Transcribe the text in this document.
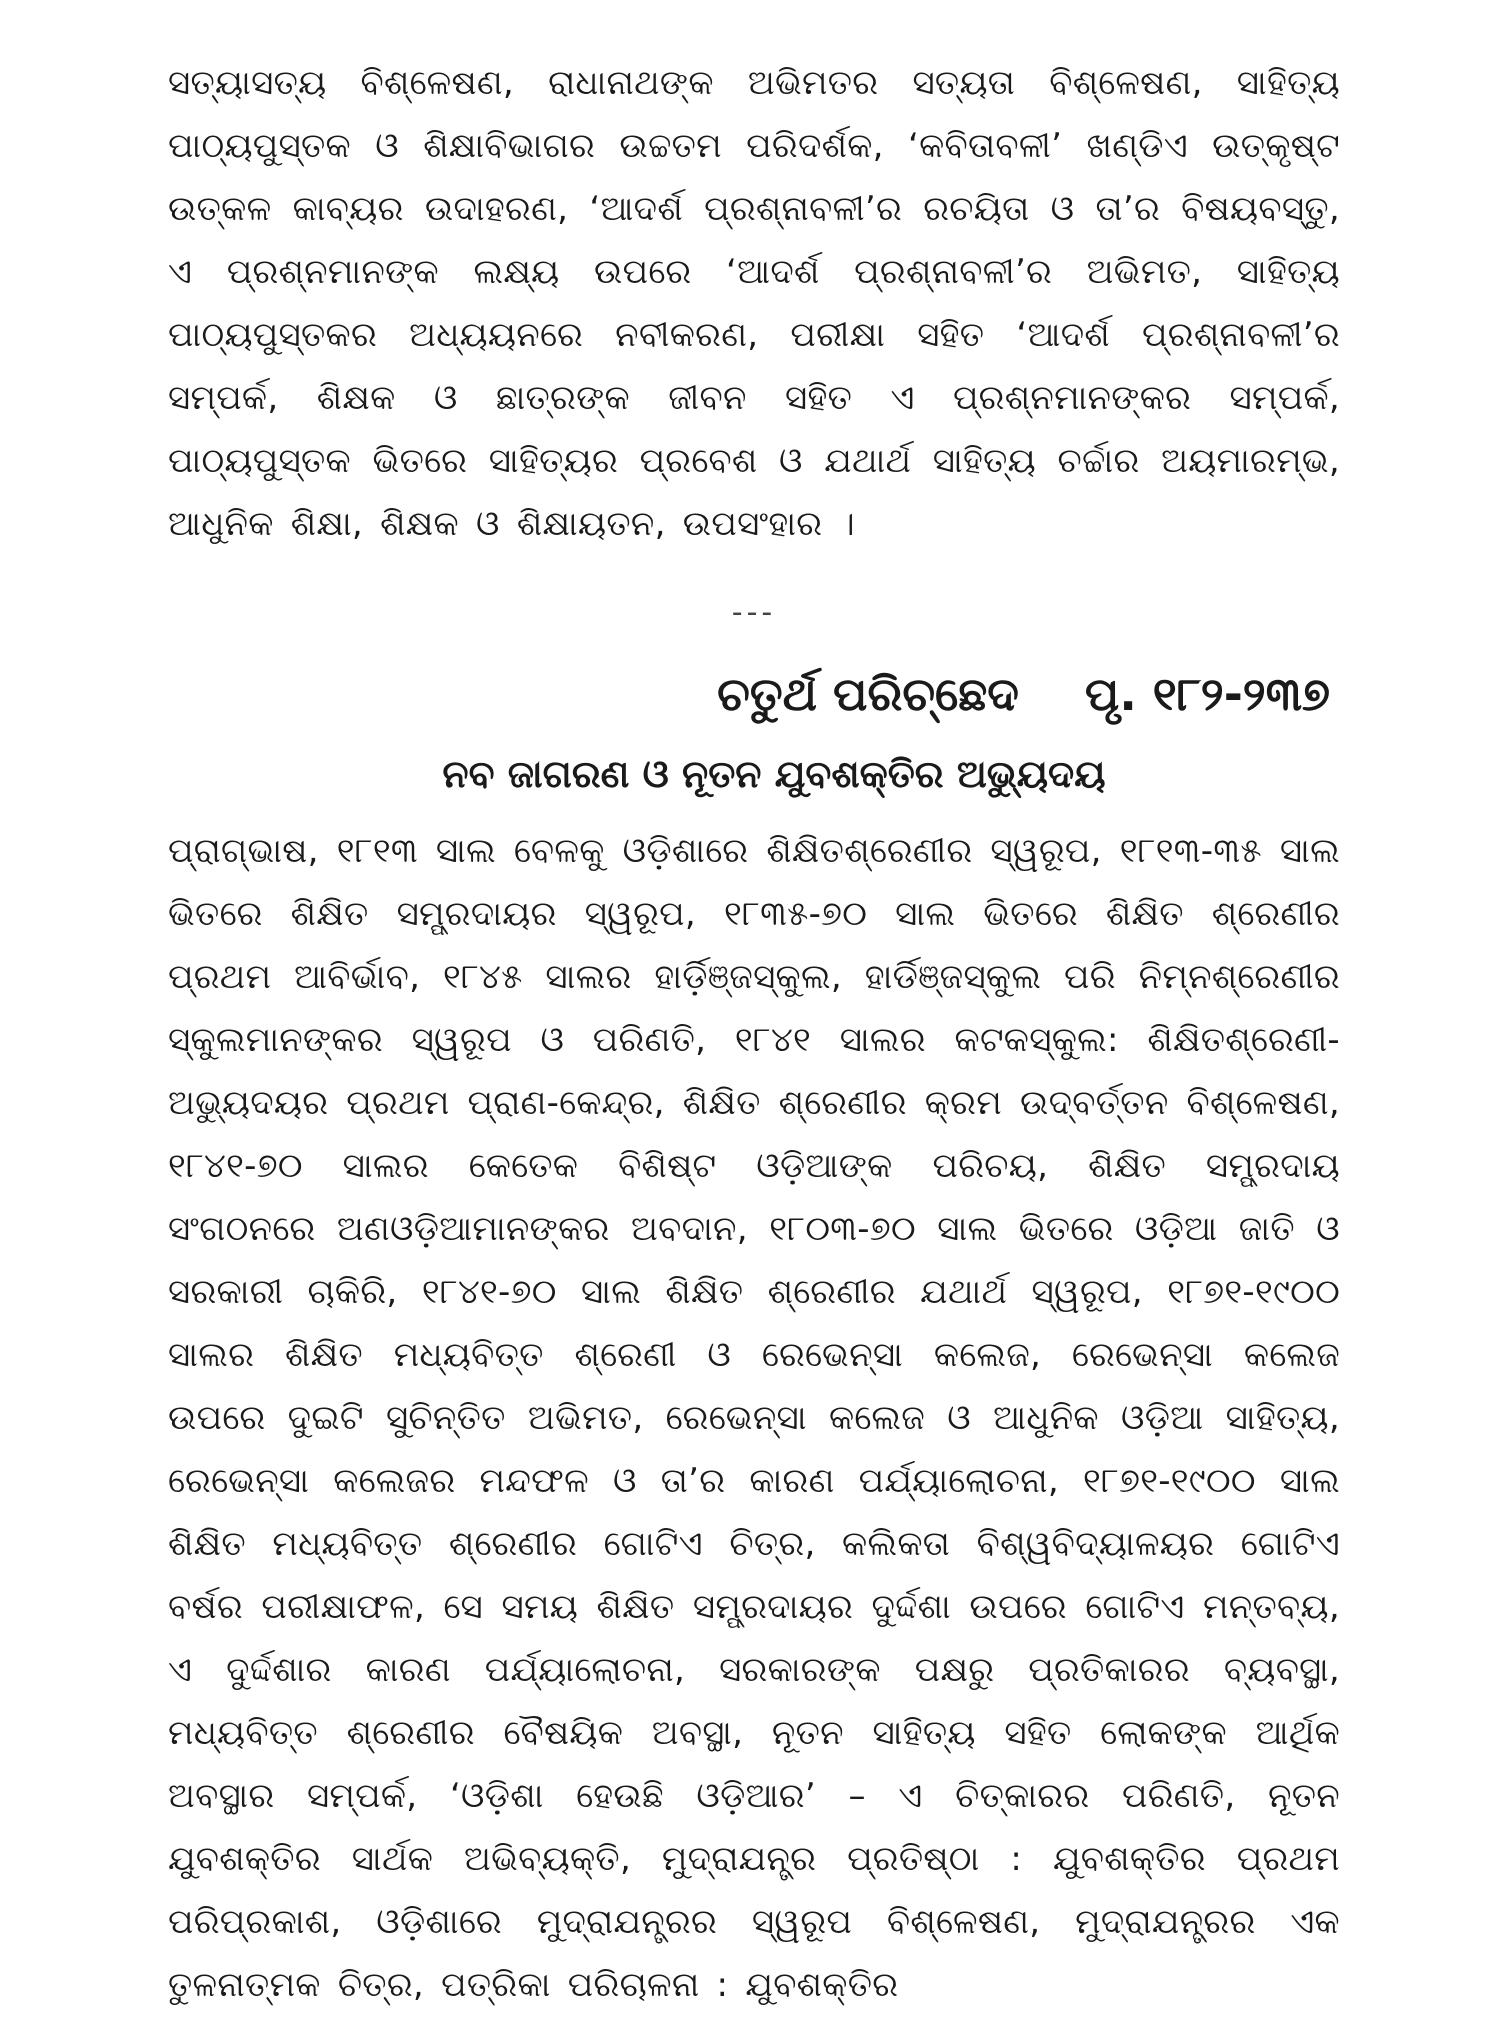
ସତ୍ୟାସତ୍ୟ ବିଶ୍ଳେଷଣ, ରାଧାନାଥଙ୍କ ଅଭିମତର ସତ୍ୟତା ବିଶ୍ଳେଷଣ, ସାହିତ୍ୟ ପାଠ୍ୟପୁସ୍ତକ ଓ ଶିକ୍ଷାବିଭାଗର ଉଚ୍ଚତମ ପରିଦର୍ଶକ, ‘କବିତାବଳୀ’ ଖଣ୍ଡିଏ ଉତ୍କୃଷ୍ଟ ଉତ୍କଳ କାବ୍ୟର ଉଦାହରଣ, ‘ଆଦର୍ଶ ପ୍ରଶ୍ନାବଳୀ’ର ରଚୟିତା ଓ ତା’ର ବିଷୟବସ୍ତୁ, ଏ ପ୍ରଶ୍ନମାନଙ୍କ ଲକ୍ଷ୍ୟ ଉପରେ ‘ଆଦର୍ଶ ପ୍ରଶ୍ନାବଳୀ’ର ଅଭିମତ, ସାହିତ୍ୟ ପାଠ୍ୟପୁସ୍ତକର ଅଧ୍ୟୟନରେ ନବୀକରଣ, ପରୀକ୍ଷା ସହିତ ‘ଆଦର୍ଶ ପ୍ରଶ୍ନାବଳୀ’ର ସମ୍ପର୍କ, ଶିକ୍ଷକ ଓ ଛାତ୍ରଙ୍କ ଜୀବନ ସହିତ ଏ ପ୍ରଶ୍ନମାନଙ୍କର ସମ୍ପର୍କ, ପାଠ୍ୟପୁସ୍ତକ ଭିତରେ ସାହିତ୍ୟର ପ୍ରବେଶ ଓ ଯଥାର୍ଥ ସାହିତ୍ୟ ଚର୍ଚ୍ଚାର ଅୟମାରମ୍ଭ, ଆଧୁନିକ ଶିକ୍ଷା, ଶିକ୍ଷକ ଓ ଶିକ୍ଷାୟତନ, ଉପସଂହାର ।

---
ଚତୁର୍ଥ ପରିଚ୍ଛେଦ ପୃ. ୧୮୨-୨୩୭
ନବ ଜାଗରଣ ଓ ନୂତନ ଯୁବଶକ୍ତିର ଅଭ୍ୟୁଦୟ

ପ୍ରାଗ୍‌ଭାଷ, ୧୮୧୩ ସାଲ ବେଳକୁ ଓଡ଼ିଶାରେ ଶିକ୍ଷିତଶ୍ରେଣୀର ସ୍ୱରୂପ, ୧୮୧୩-୩୫ ସାଲ ଭିତରେ ଶିକ୍ଷିତ ସମ୍ପ୍ରଦାୟର ସ୍ୱରୂପ, ୧୮୩୫-୭୦ ସାଲ ଭିତରେ ଶିକ୍ଷିତ ଶ୍ରେଣୀର ପ୍ରଥମ ଆବିର୍ଭାବ, ୧୮୪୫ ସାଲର ହାର୍ଡ଼ିଞ୍ଜସ୍କୁଲ, ହାର୍ଡିଞ୍ଜସ୍କୁଲ ପରି ନିମ୍ନଶ୍ରେଣୀର ସ୍କୁଲମାନଙ୍କର ସ୍ୱରୂପ ଓ ପରିଣତି, ୧୮୪୧ ସାଲର କଟକସ୍କୁଲ: ଶିକ୍ଷିତଶ୍ରେଣୀ-ଅଭ୍ୟୁଦୟର ପ୍ରଥମ ପ୍ରାଣ-କେନ୍ଦ୍ର, ଶିକ୍ଷିତ ଶ୍ରେଣୀର କ୍ରମ ଉଦ୍‌ବର୍ତ୍ତନ ବିଶ୍ଳେଷଣ, ୧୮୪୧-୭୦ ସାଲର କେତେକ ବିଶିଷ୍ଟ ଓଡ଼ିଆଙ୍କ ପରିଚୟ, ଶିକ୍ଷିତ ସମ୍ପ୍ରଦାୟ ସଂଗଠନରେ ଅଣଓଡ଼ିଆମାନଙ୍କର ଅବଦାନ, ୧୮୦୩-୭୦ ସାଲ ଭିତରେ ଓଡ଼ିଆ ଜାତି ଓ ସରକାରୀ ଚାକିରି, ୧୮୪୧-୭୦ ସାଲ ଶିକ୍ଷିତ ଶ୍ରେଣୀର ଯଥାର୍ଥ ସ୍ୱରୂପ, ୧୮୭୧-୧୯୦୦ ସାଲର ଶିକ୍ଷିତ ମଧ୍ୟବିତ୍ତ ଶ୍ରେଣୀ ଓ ରେଭେନ୍‌ସା କଲେଜ, ରେଭେନ୍‌ସା କଲେଜ ଉପରେ ଦୁଇଟି ସୁଚିନ୍ତିତ ଅଭିମତ, ରେଭେନ୍‌ସା କଲେଜ ଓ ଆଧୁନିକ ଓଡ଼ିଆ ସାହିତ୍ୟ, ରେଭେନ୍‌ସା କଲେଜର ମନ୍ଦଫଳ ଓ ତା’ର କାରଣ ପର୍ଯ୍ୟାଲୋଚନା, ୧୮୭୧-୧୯୦୦ ସାଲ ଶିକ୍ଷିତ ମଧ୍ୟବିତ୍ତ ଶ୍ରେଣୀର ଗୋଟିଏ ଚିତ୍ର, କଲିକତା ବିଶ୍ୱବିଦ୍ୟାଳୟର ଗୋଟିଏ ବର୍ଷର ପରୀକ୍ଷାଫଳ, ସେ ସମୟ ଶିକ୍ଷିତ ସମ୍ପ୍ରଦାୟର ଦୁର୍ଦ୍ଦଶା ଉପରେ ଗୋଟିଏ ମନ୍ତବ୍ୟ, ଏ ଦୁର୍ଦ୍ଦଶାର କାରଣ ପର୍ଯ୍ୟାଲୋଚନା, ସରକାରଙ୍କ ପକ୍ଷରୁ ପ୍ରତିକାରର ବ୍ୟବସ୍ଥା, ମଧ୍ୟବିତ୍ତ ଶ୍ରେଣୀର ବୈଷୟିକ ଅବସ୍ଥା, ନୂତନ ସାହିତ୍ୟ ସହିତ ଲୋକଙ୍କ ଆର୍ଥିକ ଅବସ୍ଥାର ସମ୍ପର୍କ, ‘ଓଡ଼ିଶା ହେଉଛି ଓଡ଼ିଆର’ – ଏ ଚିତ୍କାରର ପରିଣତି, ନୂତନ ଯୁବଶକ୍ତିର ସାର୍ଥକ ଅଭିବ୍ୟକ୍ତି, ମୁଦ୍ରାଯନ୍ତ୍ର ପ୍ରତିଷ୍ଠା : ଯୁବଶକ୍ତିର ପ୍ରଥମ ପରିପ୍ରକାଶ, ଓଡ଼ିଶାରେ ମୁଦ୍ରାଯନ୍ତ୍ରର ସ୍ୱରୂପ ବିଶ୍ଳେଷଣ, ମୁଦ୍ରାଯନ୍ତ୍ରର ଏକ ତୁଳନାତ୍ମକ ଚିତ୍ର, ପତ୍ରିକା ପରିଚାଳନା : ଯୁବଶକ୍ତିର
